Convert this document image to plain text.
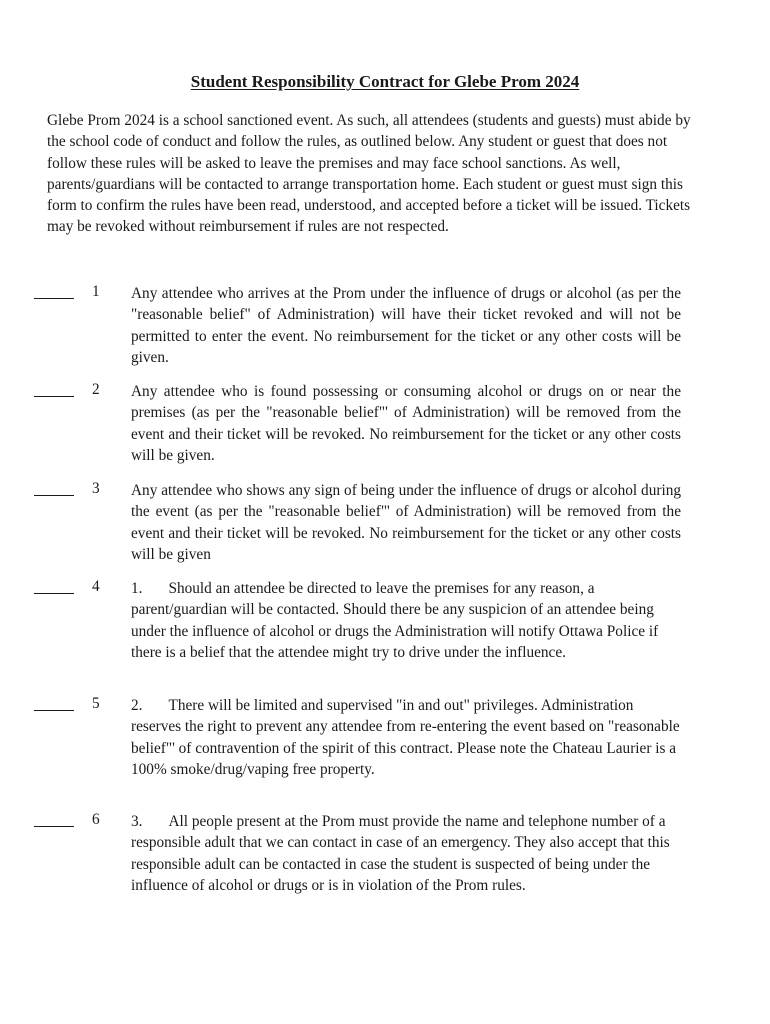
Student Responsibility Contract for Glebe Prom 2024
Glebe Prom 2024 is a school sanctioned event. As such, all attendees (students and guests) must abide by the school code of conduct and follow the rules, as outlined below. Any student or guest that does not follow these rules will be asked to leave the premises and may face school sanctions. As well, parents/guardians will be contacted to arrange transportation home. Each student or guest must sign this form to confirm the rules have been read, understood, and accepted before a ticket will be issued. Tickets may be revoked without reimbursement if rules are not respected.
1 Any attendee who arrives at the Prom under the influence of drugs or alcohol (as per the "reasonable belief" of Administration) will have their ticket revoked and will not be permitted to enter the event. No reimbursement for the ticket or any other costs will be given.
2 Any attendee who is found possessing or consuming alcohol or drugs on or near the premises (as per the "reasonable belief"' of Administration) will be removed from the event and their ticket will be revoked. No reimbursement for the ticket or any other costs will be given.
3 Any attendee who shows any sign of being under the influence of drugs or alcohol during the event (as per the "reasonable belief"' of Administration) will be removed from the event and their ticket will be revoked. No reimbursement for the ticket or any other costs will be given
4 1. Should an attendee be directed to leave the premises for any reason, a parent/guardian will be contacted. Should there be any suspicion of an attendee being under the influence of alcohol or drugs the Administration will notify Ottawa Police if there is a belief that the attendee might try to drive under the influence.
5 2. There will be limited and supervised "in and out" privileges. Administration reserves the right to prevent any attendee from re-entering the event based on "reasonable belief"' of contravention of the spirit of this contract. Please note the Chateau Laurier is a 100% smoke/drug/vaping free property.
6 3. All people present at the Prom must provide the name and telephone number of a responsible adult that we can contact in case of an emergency. They also accept that this responsible adult can be contacted in case the student is suspected of being under the influence of alcohol or drugs or is in violation of the Prom rules.
